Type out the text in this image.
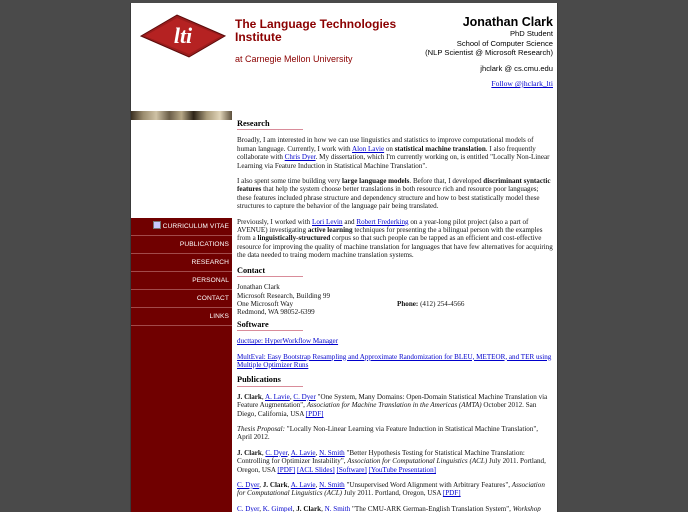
lti	The Language Technologies Institute
at Carnegie Mellon University
Jonathan Clark
PhD Student
School of Computer Science
(NLP Scientist @ Microsoft Research)
jhclark @ cs.cmu.edu
Follow @jhclark_lti
CURRICULUM VITAE
PUBLICATIONS
RESEARCH
PERSONAL
CONTACT
LINKS
Research

Broadly, I am interested in how we can use linguistics and statistics to improve computational models of human language. Currently, I work with Alon Lavie on statistical machine translation. I also frequently collaborate with Chris Dyer. My dissertation, which I'm currently working on, is entitled "Locally Non-Linear Learning via Feature Induction in Statistical Machine Translation".

I also spent some time building very large language models. Before that, I developed discriminant syntactic features that help the system choose better translations in both resource rich and resource poor languages; these features included phrase structure and dependency structure and how to best statistically model these structures to capture the behavior of the language pair being translated.

Previously, I worked with Lori Levin and Robert Frederking on a year-long pilot project (also a part of AVENUE) investigating active learning techniques for presenting the a bilingual person with the examples from a linguistically-structured corpus so that such people can be tapped as an efficient and cost-effective resource for improving the quality of machine translation for languages that have few alternatives for acquiring the data needed to traing modern machine translation systems.

Contact
Jonathan Clark
Microsoft Research, Building 99
One Microsoft Way
Redmond, WA 98052-6399
Phone: (412) 254-4566
Software

ducttape: HyperWorkflow Manager

MultEval: Easy Bootstrap Resampling and Approximate Randomization for BLEU, METEOR, and TER using Multiple Optimizer Runs

Publications

J. Clark, A. Lavie, C. Dyer "One System, Many Domains: Open-Domain Statistical Machine Translation via Feature Augmentation", Association for Machine Translation in the Americas (AMTA) October 2012. San Diego, California, USA [PDF]

Thesis Proposal: "Locally Non-Linear Learning via Feature Induction in Statistical Machine Translation", April 2012.

J. Clark, C. Dyer, A. Lavie, N. Smith "Better Hypothesis Testing for Statistical Machine Translation: Controlling for Optimizer Instability", Association for Computational Linguistics (ACL) July 2011. Portland, Oregon, USA [PDF] [ACL Slides] [Software] [YouTube Presentation]

C. Dyer, J. Clark, A. Lavie, N. Smith "Unsupervised Word Alignment with Arbitrary Features", Association for Computational Linguistics (ACL) July 2011. Portland, Oregon, USA [PDF]

C. Dyer, K. Gimpel, J. Clark, N. Smith "The CMU-ARK German-English Translation System", Workshop
